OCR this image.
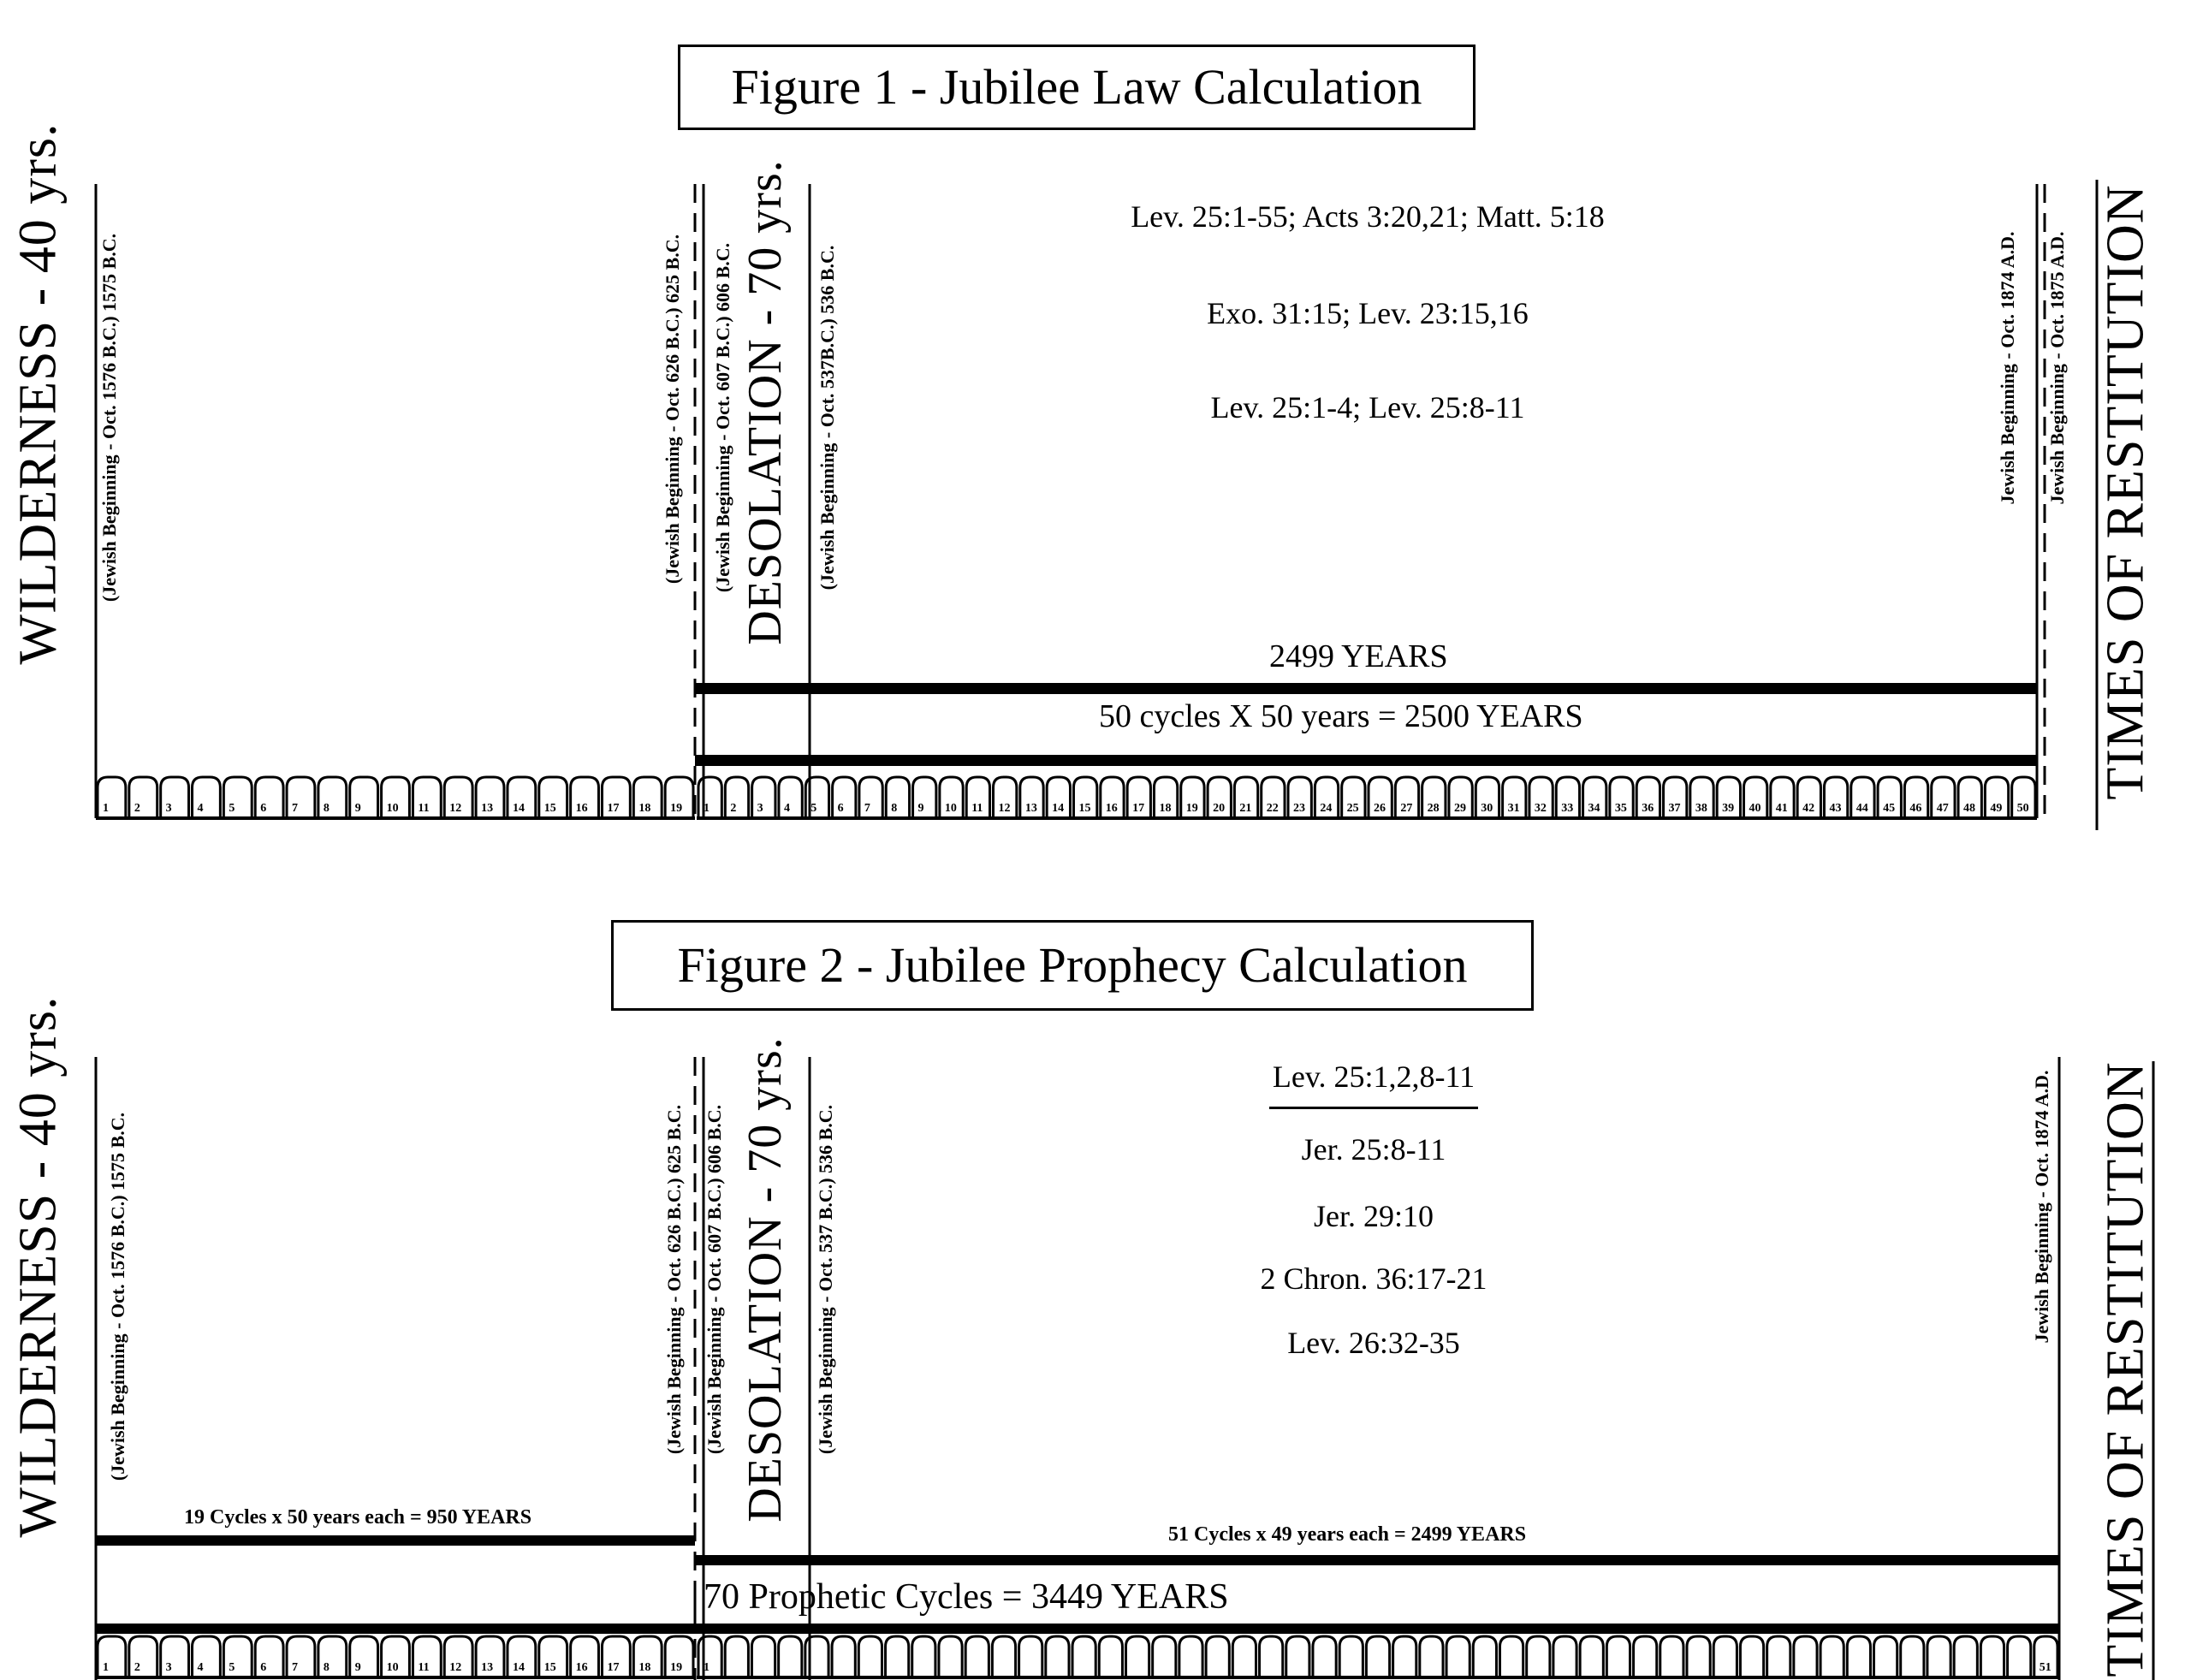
Figure 1 - Jubilee Law Calculation
WILDERNESS - 40 yrs. (Jewish Beginning - Oct. 1576 B.C.) 1575 B.C.	(Jewish Beginning - Oct. 626 B.C.) 625 B.C. (Jewish Beginning - Oct. 607 B.C.) 606 B.C. DESOLATION - 70 yrs. (Jewish Beginning - Oct. 537B.C.) 536 B.C.	Jewish Beginning - Oct. 1874 A.D. Jewish Beginning - Oct. 1875 A.D. TIMES OF RESTITUTION
Lev. 25:1-55; Acts 3:20,21; Matt. 5:18
Exo. 31:15; Lev. 23:15,16
Lev. 25:1-4; Lev. 25:8-11
2499 YEARS
50 cycles X 50 years = 2500 YEARS
Figure 2 - Jubilee Prophecy Calculation
WILDERNESS - 40 yrs. (Jewish Beginning - Oct. 1576 B.C.) 1575 B.C.	(Jewish Beginning - Oct. 626 B.C.) 625 B.C. (Jewish Beginning - Oct. 607 B.C.) 606 B.C. DESOLATION - 70 yrs. (Jewish Beginning - Oct. 537 B.C.) 536 B.C.	Jewish Beginning - Oct. 1874 A.D. TIMES OF RESTITUTION
Lev. 25:1,2,8-11
Jer. 25:8-11
Jer. 29:10
2 Chron. 36:17-21
Lev. 26:32-35
19 Cycles x 50 years each = 950 YEARS
51 Cycles x 49 years each = 2499 YEARS
70 Prophetic Cycles = 3449 YEARS
1 2 3 4 5 6 7 8 9 10 11 12 13 14 15 16 17 18 19 1 2 3 4 5 6 7 8 9 10 11 12 13 14 15 16 17 18 19 20 21 22 23 24 25 26 27 28 29 30 31 32 33 34 35 36 37 38 39 40 41 42 43 44 45 46 47 48 49 50
1 2 3 4 5 6 7 8 9 10 11 12 13 14 15 16 17 18 19 1	51
